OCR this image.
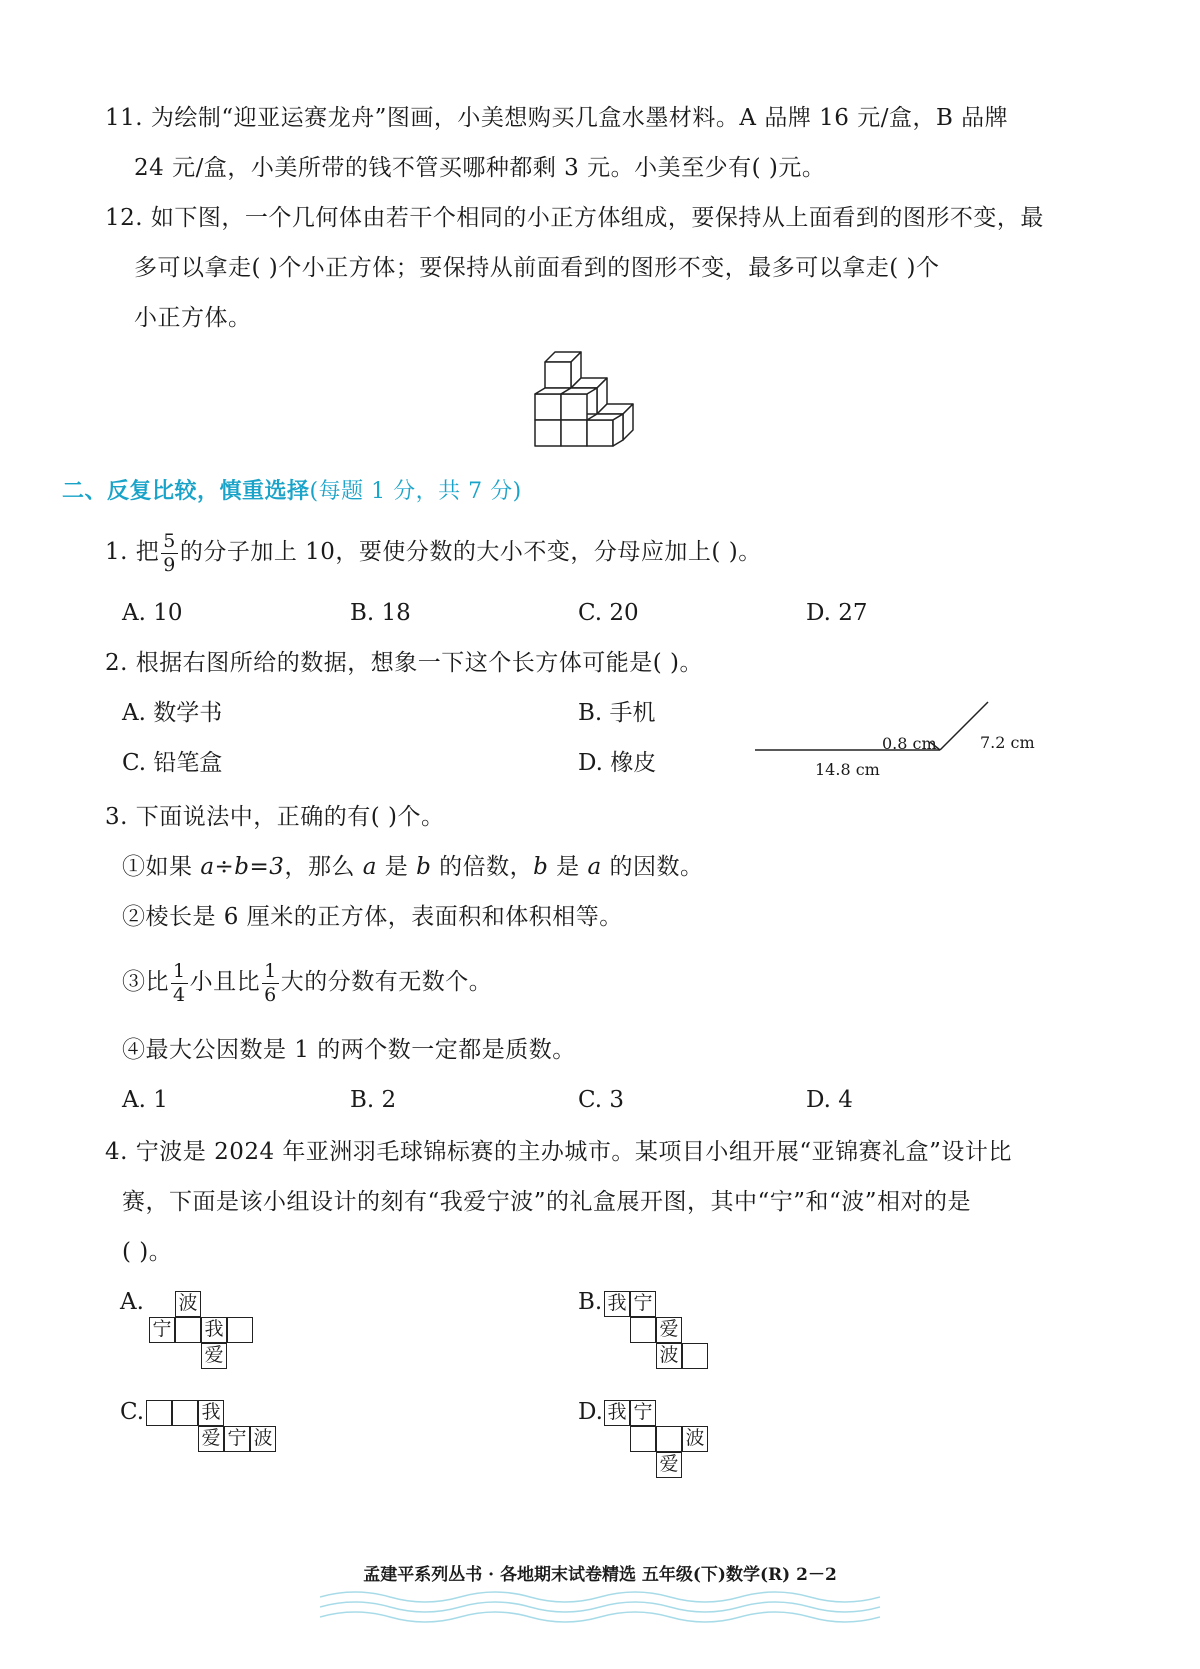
11. 为绘制“迎亚运赛龙舟”图画，小美想购买几盒水墨材料。A 品牌 16 元/盒，B 品牌
24 元/盒，小美所带的钱不管买哪种都剩 3 元。小美至少有( )元。
12. 如下图，一个几何体由若干个相同的小正方体组成，要保持从上面看到的图形不变，最
多可以拿走( )个小正方体；要保持从前面看到的图形不变，最多可以拿走( )个
小正方体。
二、反复比较，慎重选择(每题 1 分，共 7 分)
1. 把 $\frac{5}{9}$ 的分子加上 10，要使分数的大小不变，分母应加上( )。
A. 10	B. 18	C. 20	D. 27
2. 根据右图所给的数据，想象一下这个长方体可能是( )。
A. 数学书	B. 手机
C. 铅笔盒	D. 橡皮
0.8 cm	7.2 cm
14.8 cm
3. 下面说法中，正确的有( )个。
①如果 a÷b=3，那么 a 是 b 的倍数，b 是 a 的因数。
②棱长是 6 厘米的正方体，表面积和体积相等。
③比 $\frac{1}{4}$ 小且比 $\frac{1}{6}$ 大的分数有无数个。
④最大公因数是 1 的两个数一定都是质数。
A. 1	B. 2	C. 3	D. 4
4. 宁波是 2024 年亚洲羽毛球锦标赛的主办城市。某项目小组开展“亚锦赛礼盒”设计比
赛，下面是该小组设计的刻有“我爱宁波”的礼盒展开图，其中“宁”和“波”相对的是
( )。
A. 波
宁 我
爱
B. 我 宁
爱
波
C.	我
爱 宁 波
D. 我 宁
波
爱
孟建平系列丛书 · 各地期末试卷精选 五年级(下)数学(R) 2－2
